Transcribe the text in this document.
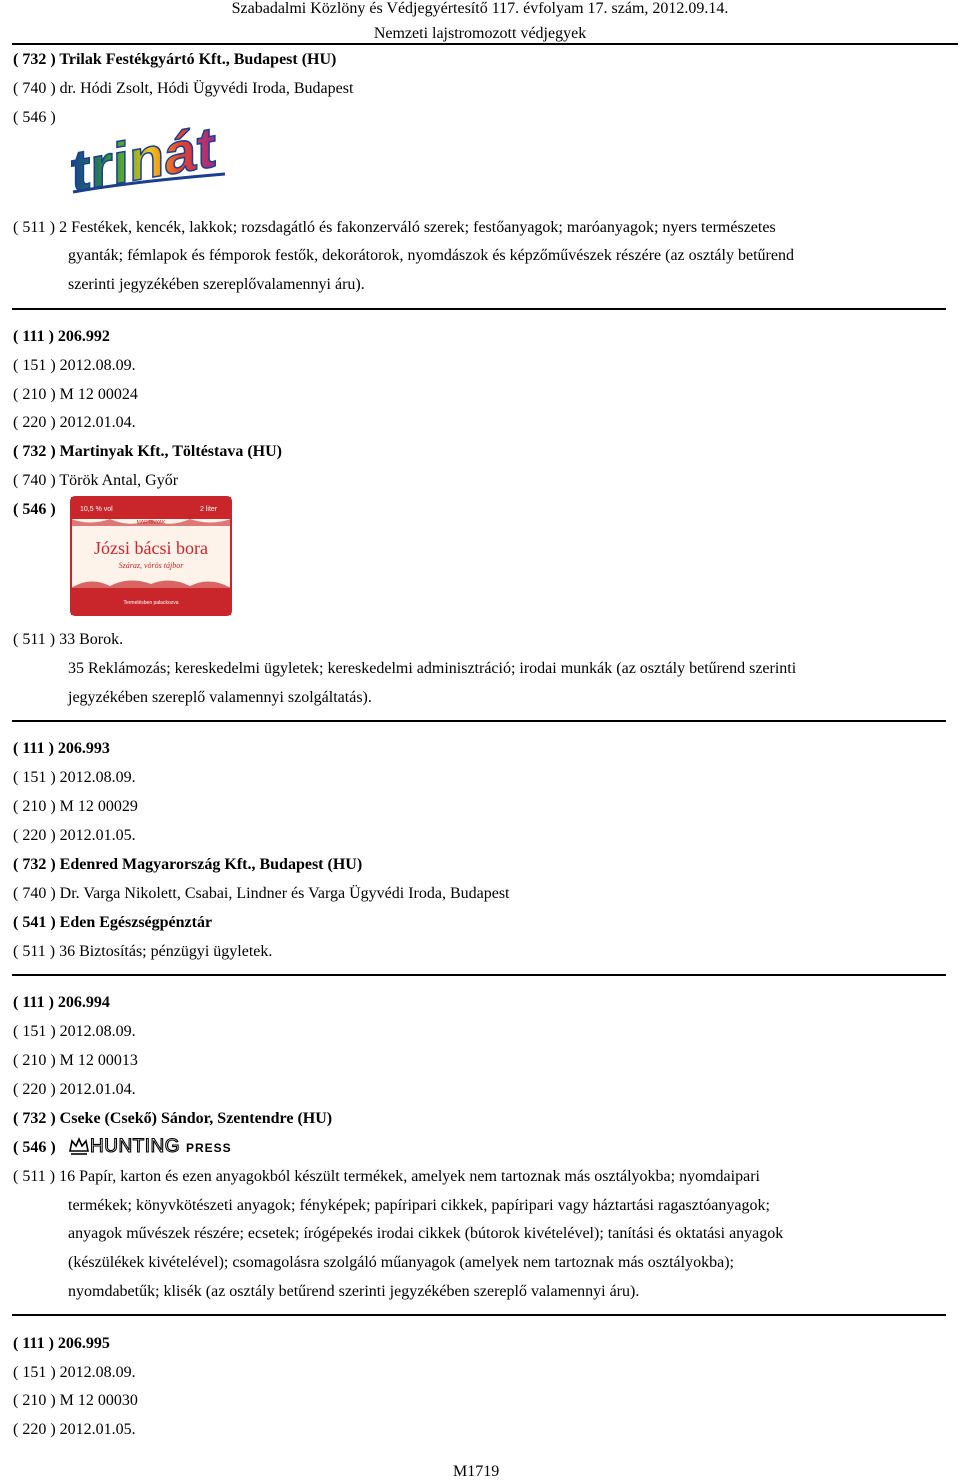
Szabadalmi Közlöny és Védjegyértesítő 117. évfolyam 17. szám, 2012.09.14.
Nemzeti lajstromozott védjegyek
( 732 ) Trilak Festékgyártó Kft., Budapest (HU)
( 740 ) dr. Hódi Zsolt, Hódi Ügyvédi Iroda, Budapest
( 546 ) trinát
( 511 ) 2 Festékek, kencék, lakkok; rozsdagátló és fakonzerváló szerek; festőanyagok; maróanyagok; nyers természetes
gyanták; fémlapok és fémporok festők, dekorátorok, nyomdászok és képzőművészek részére (az osztály betűrend
szerinti jegyzékében szereplővalamennyi áru).
( 111 ) 206.992
( 151 ) 2012.08.09.
( 210 ) M 12 00024
( 220 ) 2012.01.04.
( 732 ) Martinyak Kft., Töltéstava (HU)
( 740 ) Török Antal, Győr
( 546 )	10,5 % vol	2 liter
MARTINYAK
Józsi bácsi bora
Száraz, vörös tájbor
Termelésben palackozva
( 511 ) 33 Borok.
35 Reklámozás; kereskedelmi ügyletek; kereskedelmi adminisztráció; irodai munkák (az osztály betűrend szerinti
jegyzékében szereplő valamennyi szolgáltatás).
( 111 ) 206.993
( 151 ) 2012.08.09.
( 210 ) M 12 00029
( 220 ) 2012.01.05.
( 732 ) Edenred Magyarország Kft., Budapest (HU)
( 740 ) Dr. Varga Nikolett, Csabai, Lindner és Varga Ügyvédi Iroda, Budapest
( 541 ) Eden Egészségpénztár
( 511 ) 36 Biztosítás; pénzügyi ügyletek.
( 111 ) 206.994
( 151 ) 2012.08.09.
( 210 ) M 12 00013
( 220 ) 2012.01.04.
( 732 ) Cseke (Csekő) Sándor, Szentendre (HU)
( 546 ) HUNTING PRESS
( 511 ) 16 Papír, karton és ezen anyagokból készült termékek, amelyek nem tartoznak más osztályokba; nyomdaipari
termékek; könyvkötészeti anyagok; fényképek; papíripari cikkek, papíripari vagy háztartási ragasztóanyagok;
anyagok művészek részére; ecsetek; írógépekés irodai cikkek (bútorok kivételével); tanítási és oktatási anyagok
(készülékek kivételével); csomagolásra szolgáló műanyagok (amelyek nem tartoznak más osztályokba);
nyomdabetűk; klisék (az osztály betűrend szerinti jegyzékében szereplő valamennyi áru).
( 111 ) 206.995
( 151 ) 2012.08.09.
( 210 ) M 12 00030
( 220 ) 2012.01.05.
M1719
